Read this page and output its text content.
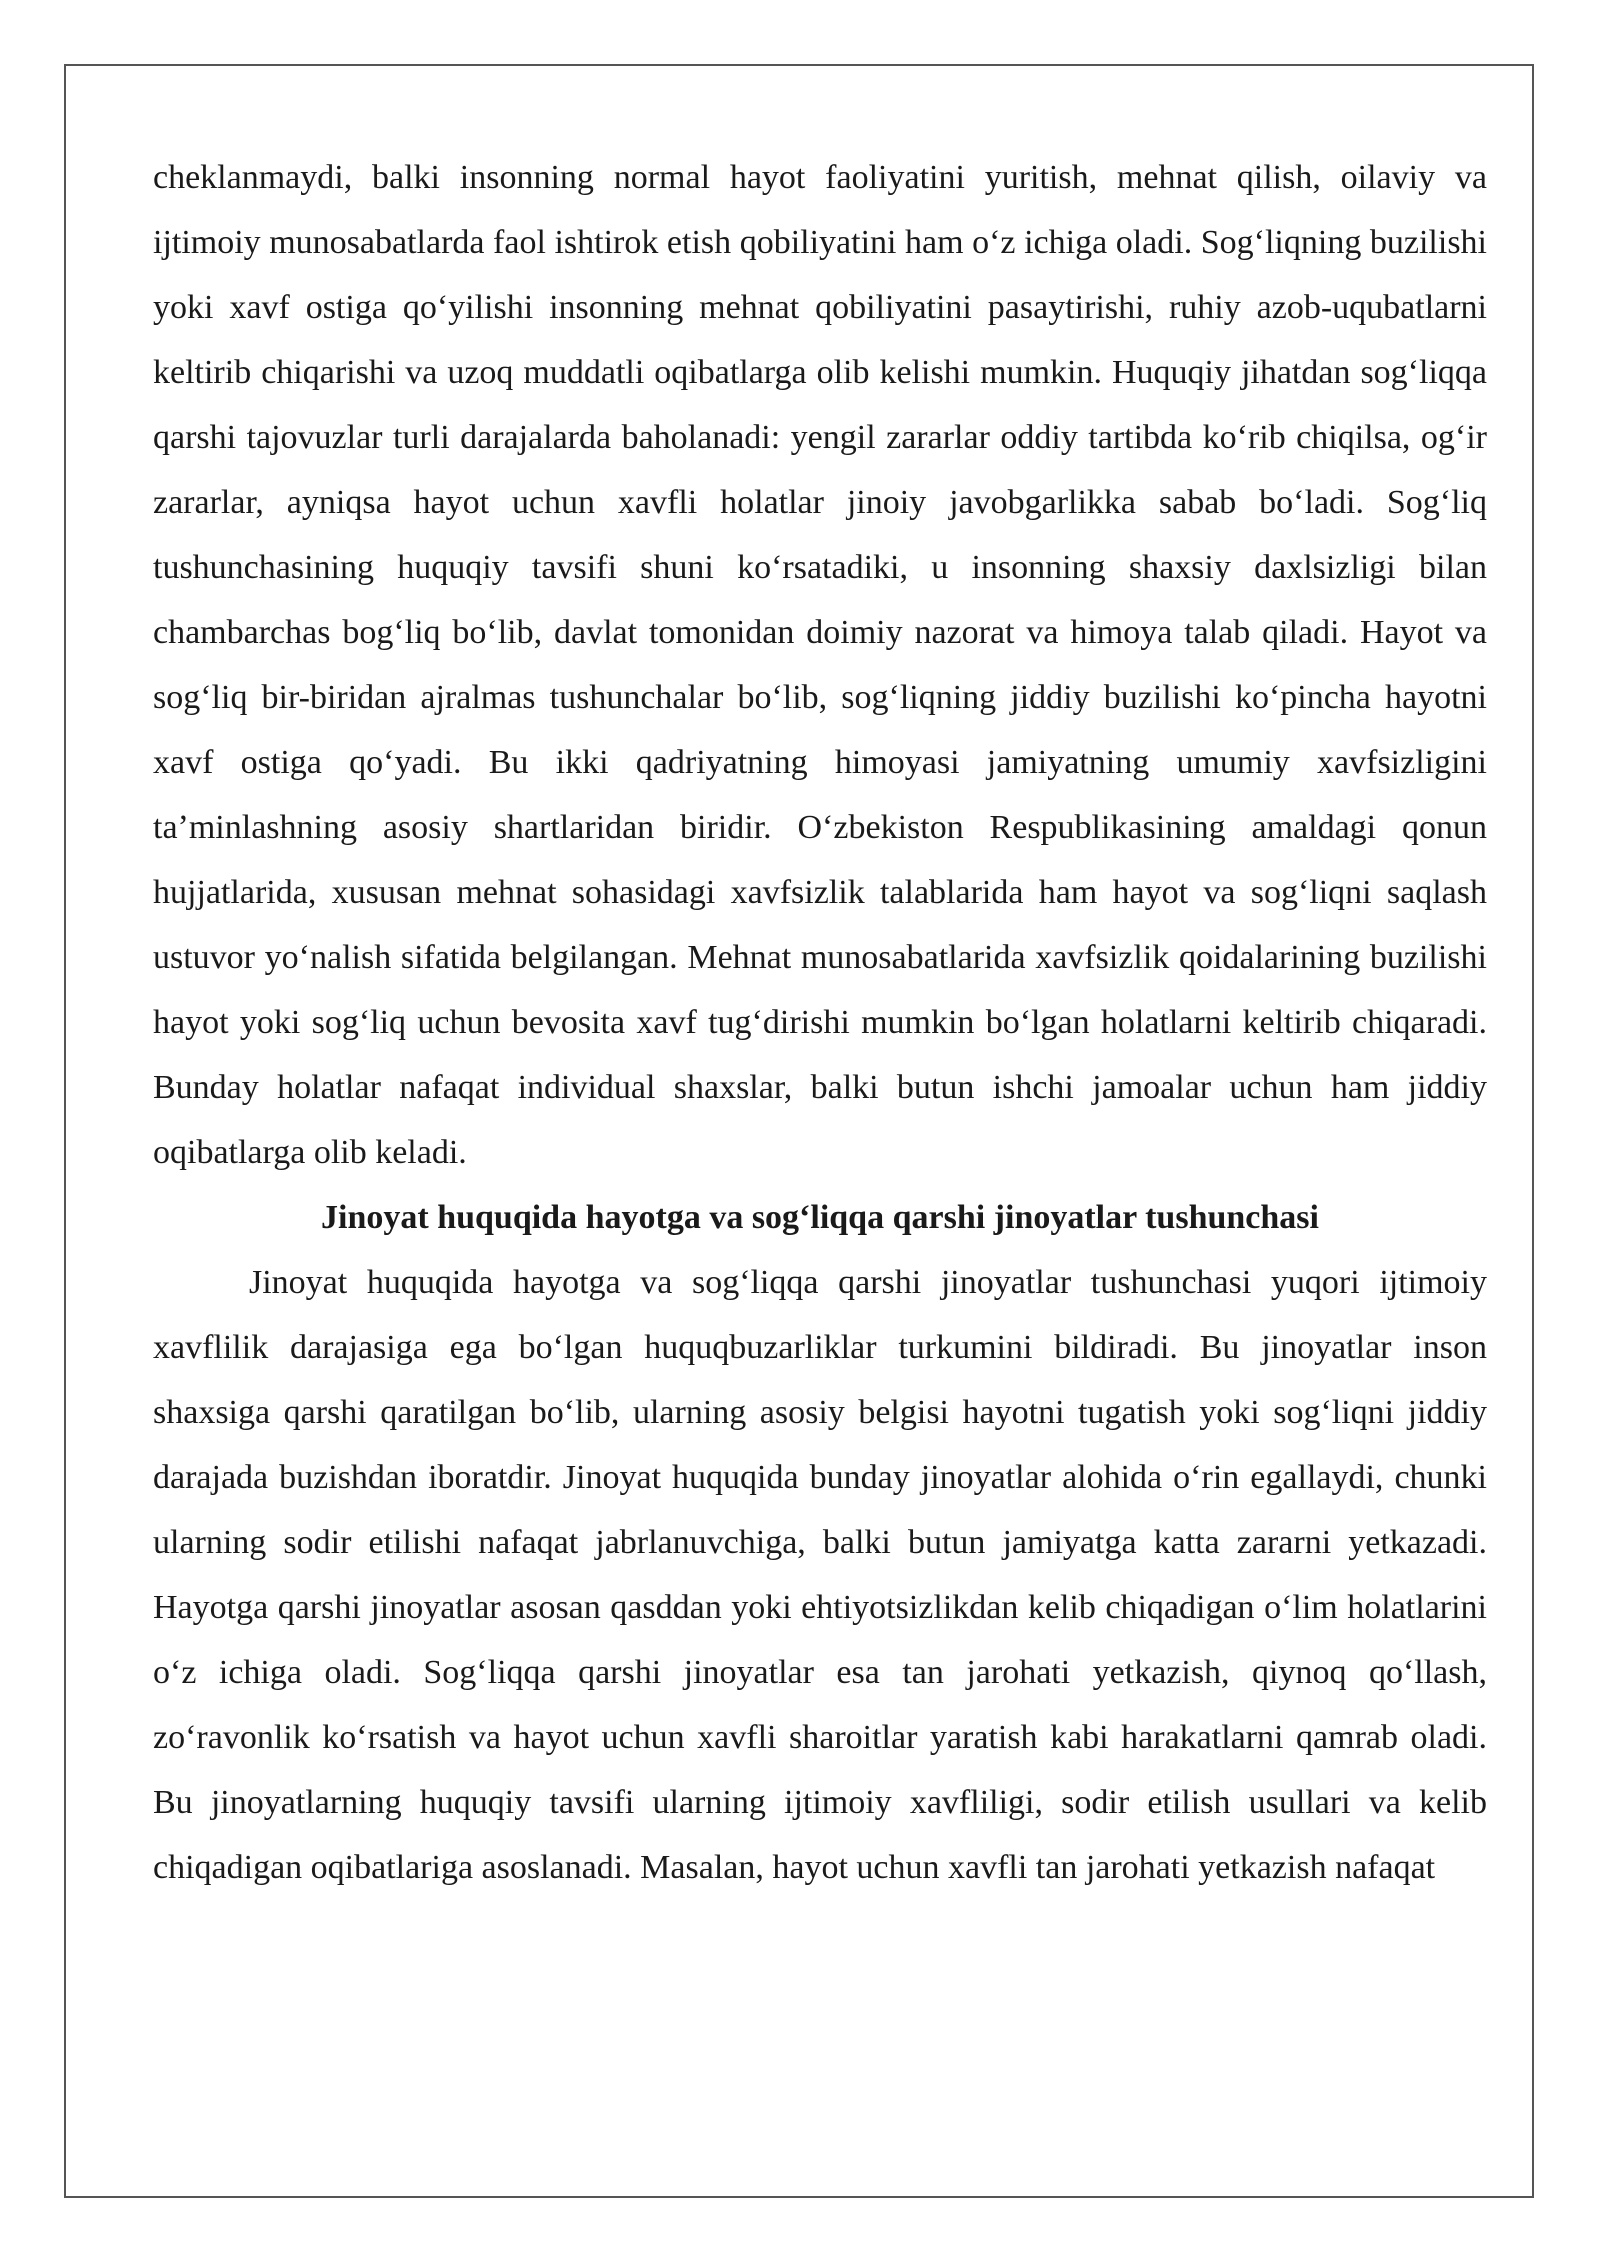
cheklanmaydi, balki insonning normal hayot faoliyatini yuritish, mehnat qilish, oilaviy va ijtimoiy munosabatlarda faol ishtirok etish qobiliyatini ham oʻz ichiga oladi. Sogʻliqning buzilishi yoki xavf ostiga qoʻyilishi insonning mehnat qobiliyatini pasaytirishi, ruhiy azob-uqubatlarni keltirib chiqarishi va uzoq muddatli oqibatlarga olib kelishi mumkin. Huquqiy jihatdan sogʻliqqa qarshi tajovuzlar turli darajalarda baholanadi: yengil zararlar oddiy tartibda koʻrib chiqilsa, ogʻir zararlar, ayniqsa hayot uchun xavfli holatlar jinoiy javobgarlikka sabab boʻladi. Sogʻliq tushunchasining huquqiy tavsifi shuni koʻrsatadiki, u insonning shaxsiy daxlsizligi bilan chambarchas bogʻliq boʻlib, davlat tomonidan doimiy nazorat va himoya talab qiladi. Hayot va sogʻliq bir-biridan ajralmas tushunchalar boʻlib, sogʻliqning jiddiy buzilishi koʻpincha hayotni xavf ostiga qoʻyadi. Bu ikki qadriyatning himoyasi jamiyatning umumiy xavfsizligini taʼminlashning asosiy shartlaridan biridir. Oʻzbekiston Respublikasining amaldagi qonun hujjatlarida, xususan mehnat sohasidagi xavfsizlik talablarida ham hayot va sogʻliqni saqlash ustuvor yoʻnalish sifatida belgilangan. Mehnat munosabatlarida xavfsizlik qoidalarining buzilishi hayot yoki sogʻliq uchun bevosita xavf tugʻdirishi mumkin boʻlgan holatlarni keltirib chiqaradi. Bunday holatlar nafaqat individual shaxslar, balki butun ishchi jamoalar uchun ham jiddiy oqibatlarga olib keladi.

Jinoyat huquqida hayotga va sogʻliqqa qarshi jinoyatlar tushunchasi

Jinoyat huquqida hayotga va sogʻliqqa qarshi jinoyatlar tushunchasi yuqori ijtimoiy xavflilik darajasiga ega boʻlgan huquqbuzarliklar turkumini bildiradi. Bu jinoyatlar inson shaxsiga qarshi qaratilgan boʻlib, ularning asosiy belgisi hayotni tugatish yoki sogʻliqni jiddiy darajada buzishdan iboratdir. Jinoyat huquqida bunday jinoyatlar alohida oʻrin egallaydi, chunki ularning sodir etilishi nafaqat jabrlanuvchiga, balki butun jamiyatga katta zararni yetkazadi. Hayotga qarshi jinoyatlar asosan qasddan yoki ehtiyotsizlikdan kelib chiqadigan oʻlim holatlarini oʻz ichiga oladi. Sogʻliqqa qarshi jinoyatlar esa tan jarohati yetkazish, qiynoq qoʻllash, zoʻravonlik koʻrsatish va hayot uchun xavfli sharoitlar yaratish kabi harakatlarni qamrab oladi. Bu jinoyatlarning huquqiy tavsifi ularning ijtimoiy xavfliligi, sodir etilish usullari va kelib chiqadigan oqibatlariga asoslanadi. Masalan, hayot uchun xavfli tan jarohati yetkazish nafaqat
